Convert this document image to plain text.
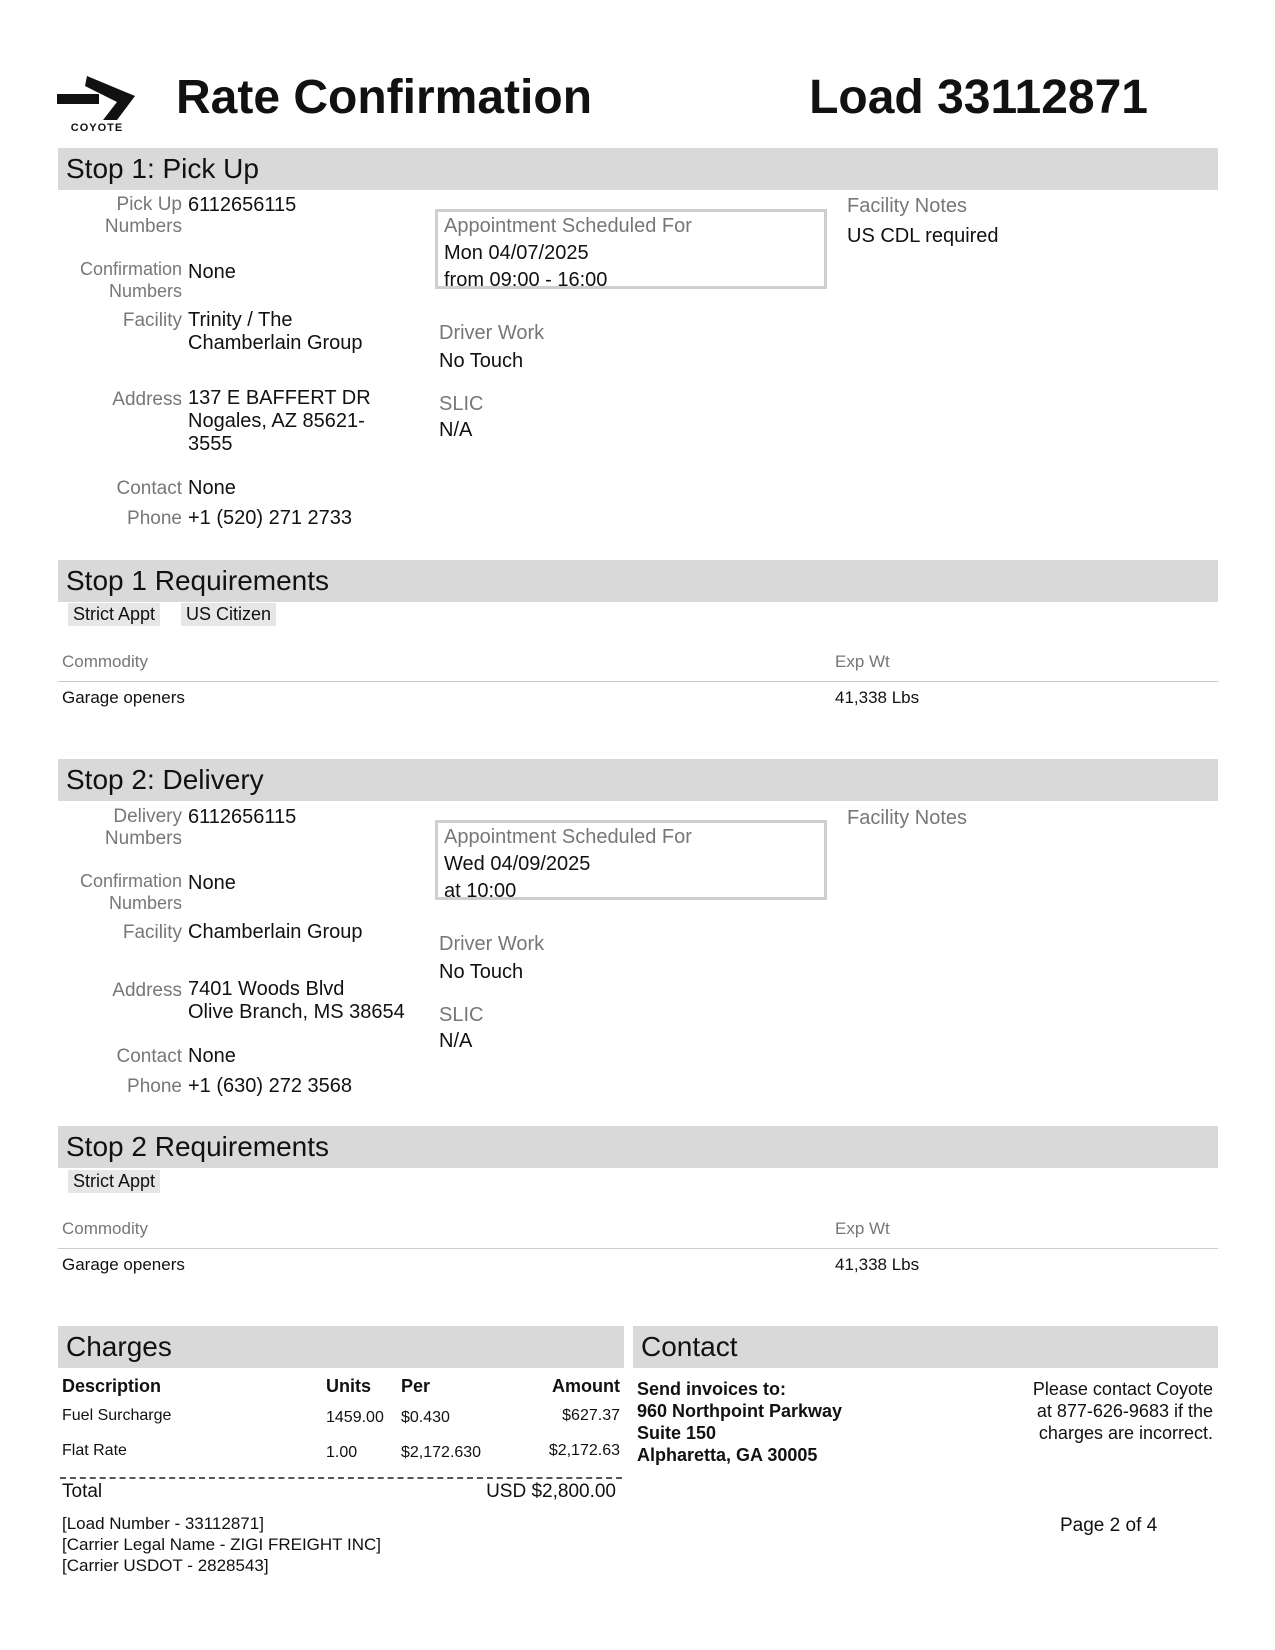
COYOTE
Rate Confirmation	Load 33112871
Stop 1: Pick Up
Pick Up
Numbers
6112656115
Confirmation
Numbers
None
Facility Trinity / The
Chamberlain Group
Address 137 E BAFFERT DR
Nogales, AZ 85621-
3555
Contact None
Phone +1 (520) 271 2733
Appointment Scheduled For
Mon 04/07/2025
from 09:00 - 16:00
Driver Work
No Touch
SLIC
N/A
Facility Notes
US CDL required
Stop 1 Requirements
Strict Appt US Citizen
Commodity	Exp Wt
Garage openers	41,338 Lbs
Stop 2: Delivery
Delivery
Numbers
6112656115
Confirmation
Numbers
None
Facility Chamberlain Group
Address 7401 Woods Blvd
Olive Branch, MS 38654
Contact None
Phone +1 (630) 272 3568
Appointment Scheduled For
Wed 04/09/2025
at 10:00
Driver Work
No Touch
SLIC
N/A
Facility Notes
Stop 2 Requirements
Strict Appt
Commodity	Exp Wt
Garage openers	41,338 Lbs
Charges
Description	Units Per	Amount
Fuel Surcharge	1459.00 $0.430	$627.37
Flat Rate	1.00	$2,172.630	$2,172.63
Total	USD $2,800.00
Contact
Send invoices to:
960 Northpoint Parkway
Suite 150
Alpharetta, GA 30005
Please contact Coyote
at 877-626-9683 if the
charges are incorrect.
[Load Number - 33112871]
[Carrier Legal Name - ZIGI FREIGHT INC]
[Carrier USDOT - 2828543]
Page 2 of 4
